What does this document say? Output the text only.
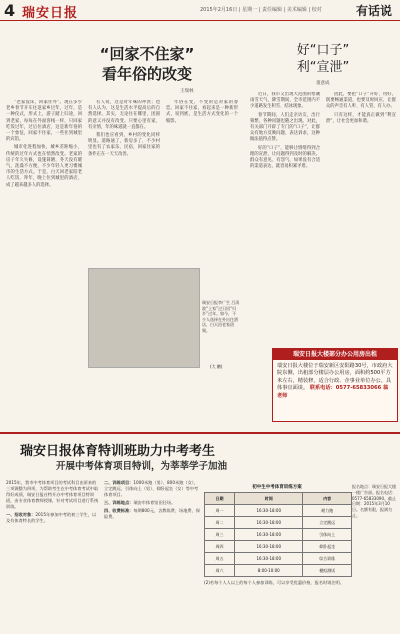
4 瑞安日报	2015年2月16日 | 星期一 | 责任编辑 | 美术编辑 | 校对	有话说
“回家不住家”
看年俗的改变
王瑞林

“老家没床，回家住外”。现在多少老乡春节开车往返家乡过年，过年，是一种仪式，形式上，游子踏上归途，回到老家，每每在外面客栈一样，只回家吃饭过年，过后住酒店，这是新年俗的一个象征，回家不住家，一些住到城里的宾馆。

城市化进程加快，城乡差距缩小，传统的过年方式也在悄然改变。老家的房子年久失修，设施简陋，冬天没有暖气，洗澡不方便，不少年轻人更习惯城市的生活方式。于是，白天回老家陪老人吃饭、拜年，晚上住到城里的酒店，成了越来越多人的选择。

有人说，这是对年味的冲淡；也有人认为，这是生活水平提高后的自然选择。其实，无论住在哪里，团圆的意义并没有改变。只要心里有家，有亲情，年的味道就一直都在。

我们也应看到，乡村的变化同样明显。道路通了，新房多了，不少村里也有了农家乐、民宿，回家住家的条件正在一天天改善。

年俗在变，不变的是对家的眷恋。回家不住家，看起来是一种新形式，说到底，是生活方式变化的一个缩影。

瑞安日报李广生 吕清波“上家”过日回“归乡”过年。如今，不少人选择在外出住酒店，白天回老家团聚。
(大 鹏)
好“口子”
利“宣泄”
童意成

近日，我市又出现大范围的寒潮雨雪天气，降雪期间，全市范围内不少道路发生积雪、结冰现象。

春节期间，人们走亲访友，出行频繁，各种问题也随之出现。对此，有关部门开辟了专门的“口子”，让群众有地方反映问题、表达诉求，这种做法值得点赞。

好的“口子”，能够让情绪得到合理的宣泄，让问题得到及时的解决。群众有意见、有怨气，如果没有合适的渠道表达，就容易积累矛盾。

因此，要把“口子”开好、用好，既要畅通渠道，也要及时回应，让群众的声音有人听、有人管、有人办。

只有这样，才能真正做到“利宣泄”，让社会更加和谐。

瑞安日报大楼部分办公用房出租
瑞安日报大楼位于瑞安新区安阳路30号，市政府大院东侧，出租部分楼层办公用房，面积约500平方米左右，精装修，适合行政、企事业单位办公。具体事宜面谈。 联系电话：0577-65833066 翁老师
瑞安日报体育特训班助力中考考生
开展中考体育项目特训，为莘莘学子加油

2015年，我市中考体育项目的考试科目由原来的三项调整为四项，为帮助考生在中考体育考试中取得好成绩，瑞安日报社特开办中考体育项目特训班，由专业体育教师授课，针对考试项目进行系统训练。

一、招收对象：2015年参加中考的初三学生，以及有体育特长的学生。

二、训练项目：1000米跑（男）、800米跑（女），立定跳远、引体向上（男）、仰卧起坐（女）等中考体育项目。

三、训练地点：瑞安市体育馆田径场。

四、收费标准：每期800元，含教练费、场地费、保险费。

初中生中考体育训练方案
日期	时间	内容
周一	16:30-18:00	耐力跑
周二	16:30-18:00	立定跳远
周三	16:30-18:00	引体向上
周四	16:30-18:00	仰卧起坐
周五	16:30-18:00	综合训练
周六	8:00-10:00	模拟测试

(2)若每个人人以上的每个人参加训练，可以享受优惠价格，报名时请注明。

报名地点：瑞安日报大楼一楼广告部。报名电话：0577-65833090。截止日期：2015年3月10日。名额有限，报满为止。
